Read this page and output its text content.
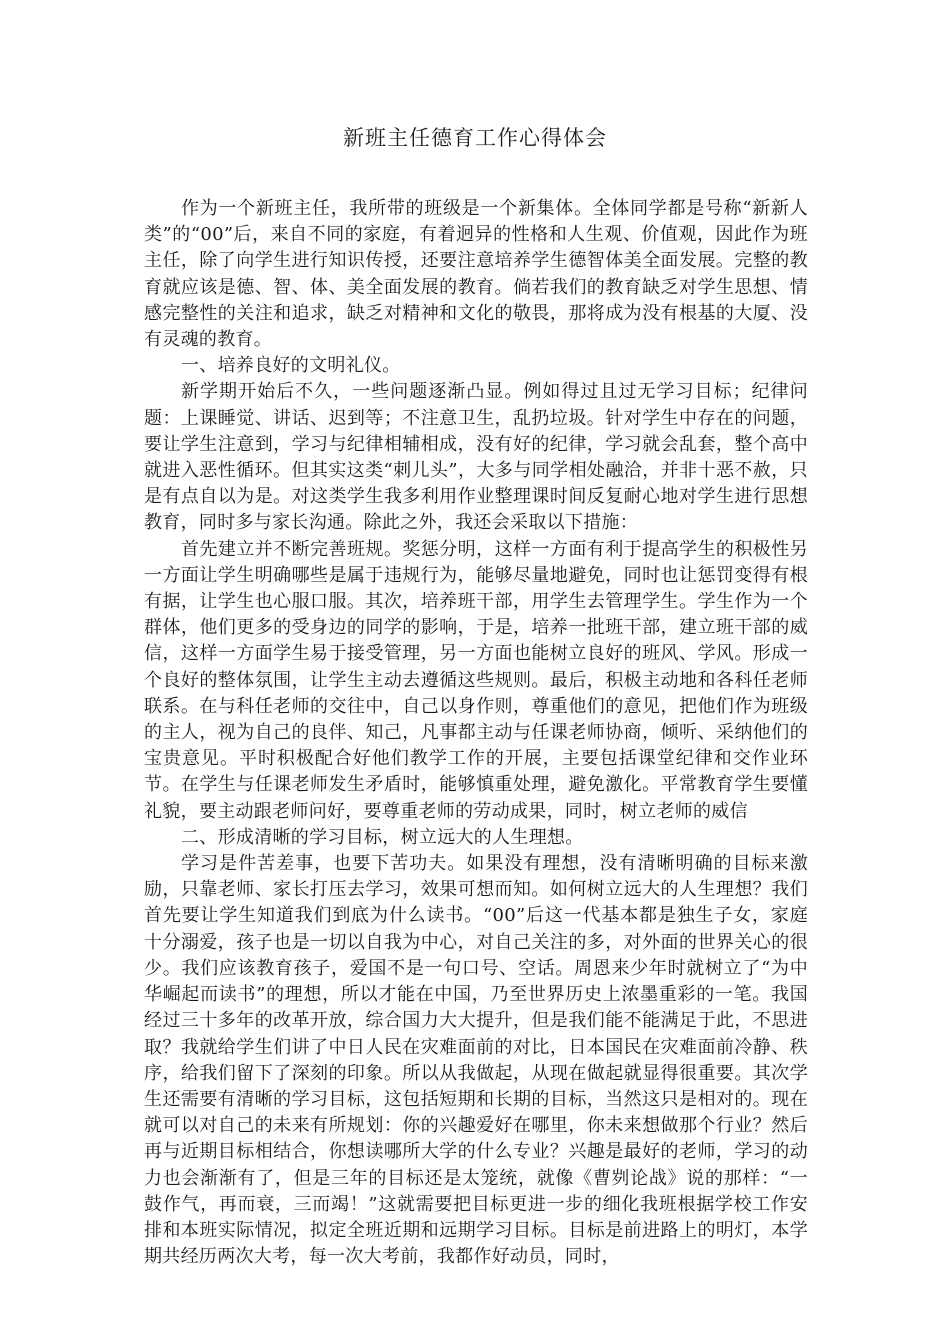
新班主任德育工作心得体会

作为一个新班主任，我所带的班级是一个新集体。全体同学都是号称“新新人类”的“00”后，来自不同的家庭，有着迥异的性格和人生观、价值观，因此作为班主任，除了向学生进行知识传授，还要注意培养学生德智体美全面发展。完整的教育就应该是德、智、体、美全面发展的教育。倘若我们的教育缺乏对学生思想、情感完整性的关注和追求，缺乏对精神和文化的敬畏，那将成为没有根基的大厦、没有灵魂的教育。

一、培养良好的文明礼仪。

新学期开始后不久，一些问题逐渐凸显。例如得过且过无学习目标；纪律问题：上课睡觉、讲话、迟到等；不注意卫生，乱扔垃圾。针对学生中存在的问题，要让学生注意到，学习与纪律相辅相成，没有好的纪律，学习就会乱套，整个高中就进入恶性循环。但其实这类“刺儿头”，大多与同学相处融洽，并非十恶不赦，只是有点自以为是。对这类学生我多利用作业整理课时间反复耐心地对学生进行思想教育，同时多与家长沟通。除此之外，我还会采取以下措施：

首先建立并不断完善班规。奖惩分明，这样一方面有利于提高学生的积极性另一方面让学生明确哪些是属于违规行为，能够尽量地避免，同时也让惩罚变得有根有据，让学生也心服口服。其次，培养班干部，用学生去管理学生。学生作为一个群体，他们更多的受身边的同学的影响，于是，培养一批班干部，建立班干部的威信，这样一方面学生易于接受管理，另一方面也能树立良好的班风、学风。形成一个良好的整体氛围，让学生主动去遵循这些规则。最后，积极主动地和各科任老师联系。在与科任老师的交往中，自己以身作则，尊重他们的意见，把他们作为班级的主人，视为自己的良伴、知己，凡事都主动与任课老师协商，倾听、采纳他们的宝贵意见。平时积极配合好他们教学工作的开展，主要包括课堂纪律和交作业环节。在学生与任课老师发生矛盾时，能够慎重处理，避免激化。平常教育学生要懂礼貌，要主动跟老师问好，要尊重老师的劳动成果，同时，树立老师的威信

二、形成清晰的学习目标，树立远大的人生理想。

学习是件苦差事，也要下苦功夫。如果没有理想，没有清晰明确的目标来激励，只靠老师、家长打压去学习，效果可想而知。如何树立远大的人生理想？我们首先要让学生知道我们到底为什么读书。“00”后这一代基本都是独生子女，家庭十分溺爱，孩子也是一切以自我为中心，对自己关注的多，对外面的世界关心的很少。我们应该教育孩子，爱国不是一句口号、空话。周恩来少年时就树立了“为中华崛起而读书”的理想，所以才能在中国，乃至世界历史上浓墨重彩的一笔。我国经过三十多年的改革开放，综合国力大大提升，但是我们能不能满足于此，不思进取？我就给学生们讲了中日人民在灾难面前的对比，日本国民在灾难面前冷静、秩序，给我们留下了深刻的印象。所以从我做起，从现在做起就显得很重要。其次学生还需要有清晰的学习目标，这包括短期和长期的目标，当然这只是相对的。现在就可以对自己的未来有所规划：你的兴趣爱好在哪里，你未来想做那个行业？然后再与近期目标相结合，你想读哪所大学的什么专业？兴趣是最好的老师，学习的动力也会渐渐有了，但是三年的目标还是太笼统，就像《曹刿论战》说的那样：“一鼓作气，再而衰，三而竭！”这就需要把目标更进一步的细化我班根据学校工作安排和本班实际情况，拟定全班近期和远期学习目标。目标是前进路上的明灯，本学期共经历两次大考，每一次大考前，我都作好动员，同时，
